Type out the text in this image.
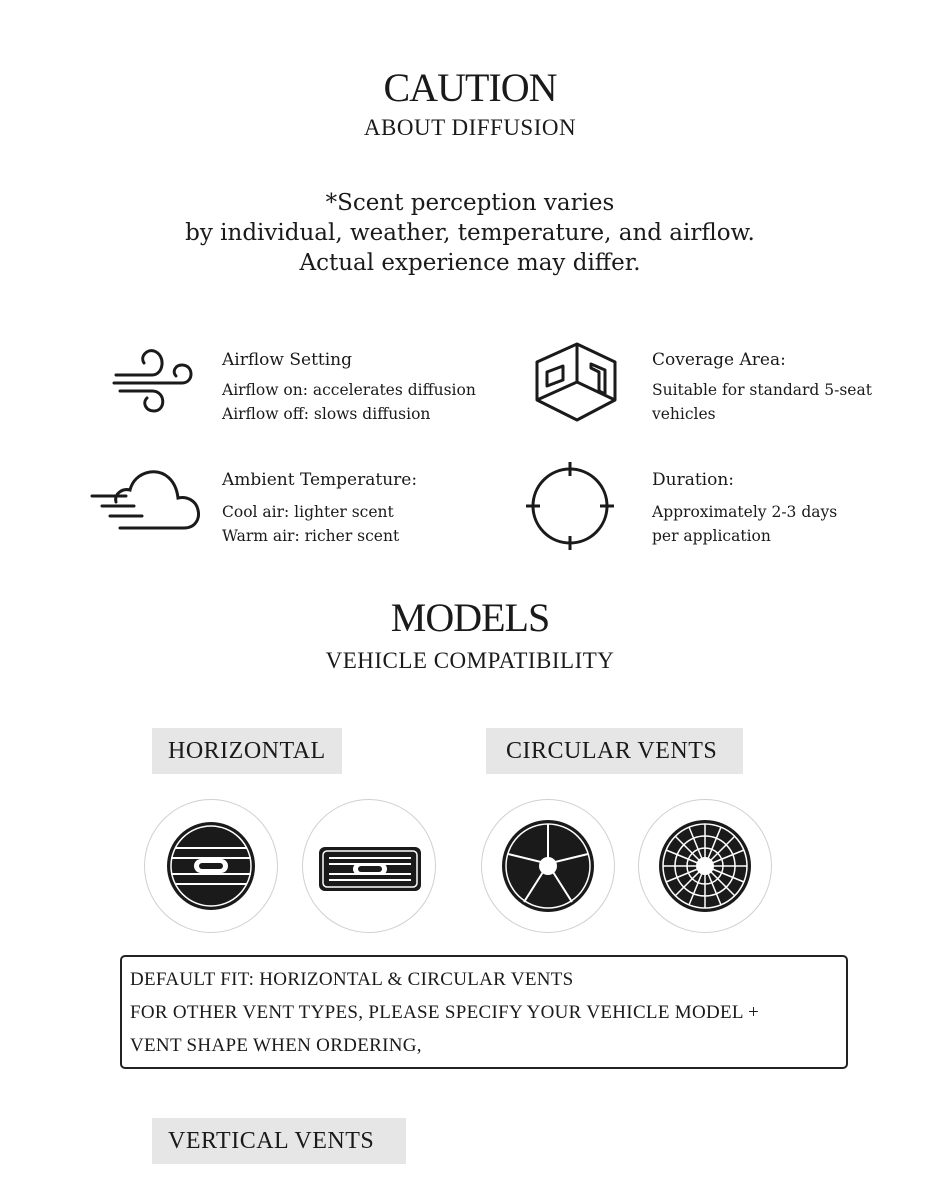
CAUTION
ABOUT DIFFUSION
*Scent perception varies
by individual, weather, temperature, and airflow.
Actual experience may differ.
Airflow Setting
Airflow on: accelerates diffusion
Airflow off: slows diffusion
Coverage Area:
Suitable for standard 5-seat
vehicles
Ambient Temperature:
Cool air: lighter scent
Warm air: richer scent
Duration:
Approximately 2-3 days
per application
MODELS
VEHICLE COMPATIBILITY
HORIZONTAL	CIRCULAR VENTS
DEFAULT FIT: HORIZONTAL & CIRCULAR VENTS
FOR OTHER VENT TYPES, PLEASE SPECIFY YOUR VEHICLE MODEL +
VENT SHAPE WHEN ORDERING,
VERTICAL VENTS
